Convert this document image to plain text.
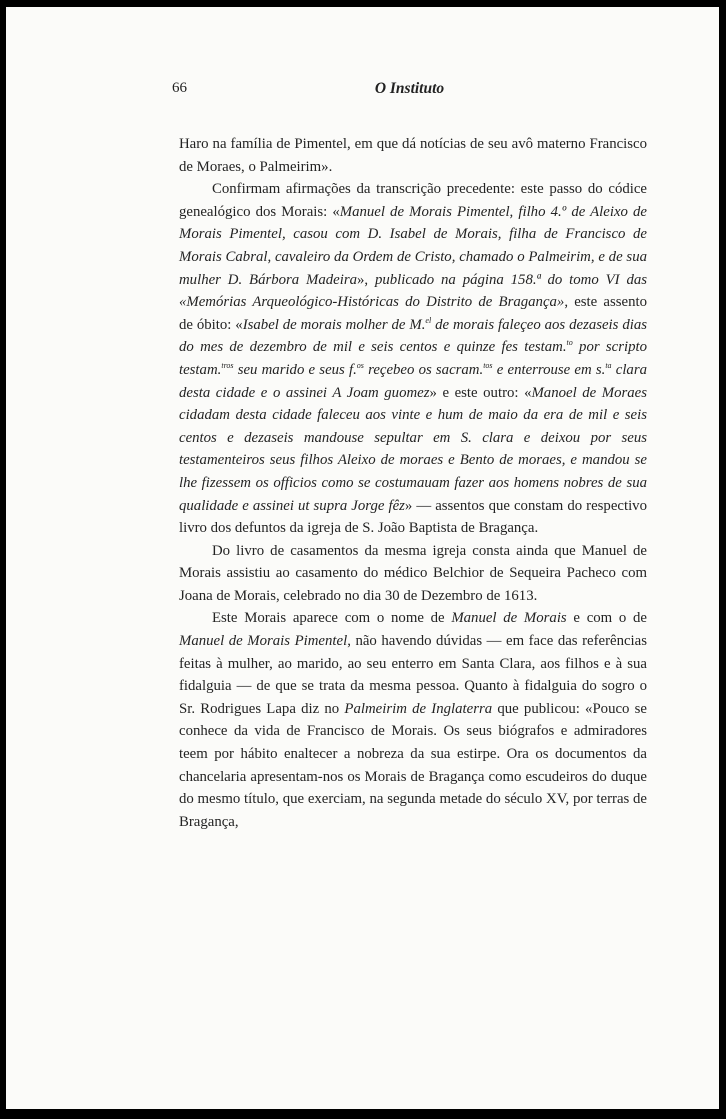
66	O Instituto

Haro na família de Pimentel, em que dá notícias de seu avô materno Francisco de Moraes, o Palmeirim».

Confirmam afirmações da transcrição precedente: este passo do códice genealógico dos Morais: «Manuel de Morais Pimentel, filho 4.º de Aleixo de Morais Pimentel, casou com D. Isabel de Morais, filha de Francisco de Morais Cabral, cavaleiro da Ordem de Cristo, chamado o Palmeirim, e de sua mulher D. Bárbora Madeira», publicado na página 158.ª do tomo VI das «Memórias Arqueológico-Históricas do Distrito de Bragança», este assento de óbito: «Isabel de morais molher de M.$^{el}$ de morais faleçeo aos dezaseis dias do mes de dezembro de mil e seis centos e quinze fes testam.$^{to}$ por scripto testam.$^{tros}$ seu marido e seus f.$^{os}$ reçebeo os sacram.$^{tos}$ e enterrouse em s.$^{ta}$ clara desta cidade e o assinei A Joam guomez» e este outro: «Manoel de Moraes cidadam desta cidade faleceu aos vinte e hum de maio da era de mil e seis centos e dezaseis mandouse sepultar em S. clara e deixou por seus testamenteiros seus filhos Aleixo de moraes e Bento de moraes, e mandou se lhe fizessem os officios como se costumauam fazer aos homens nobres de sua qualidade e assinei ut supra Jorge fêz» — assentos que constam do respectivo livro dos defuntos da igreja de S. João Baptista de Bragança.

Do livro de casamentos da mesma igreja consta ainda que Manuel de Morais assistiu ao casamento do médico Belchior de Sequeira Pacheco com Joana de Morais, celebrado no dia 30 de Dezembro de 1613.

Este Morais aparece com o nome de Manuel de Morais e com o de Manuel de Morais Pimentel, não havendo dúvidas — em face das referências feitas à mulher, ao marido, ao seu enterro em Santa Clara, aos filhos e à sua fidalguia — de que se trata da mesma pessoa. Quanto à fidalguia do sogro o Sr. Rodrigues Lapa diz no Palmeirim de Inglaterra que publicou: «Pouco se conhece da vida de Francisco de Morais. Os seus biógrafos e admiradores teem por hábito enaltecer a nobreza da sua estirpe. Ora os documentos da chancelaria apresentam-nos os Morais de Bragança como escudeiros do duque do mesmo título, que exerciam, na segunda metade do século XV, por terras de Bragança,
